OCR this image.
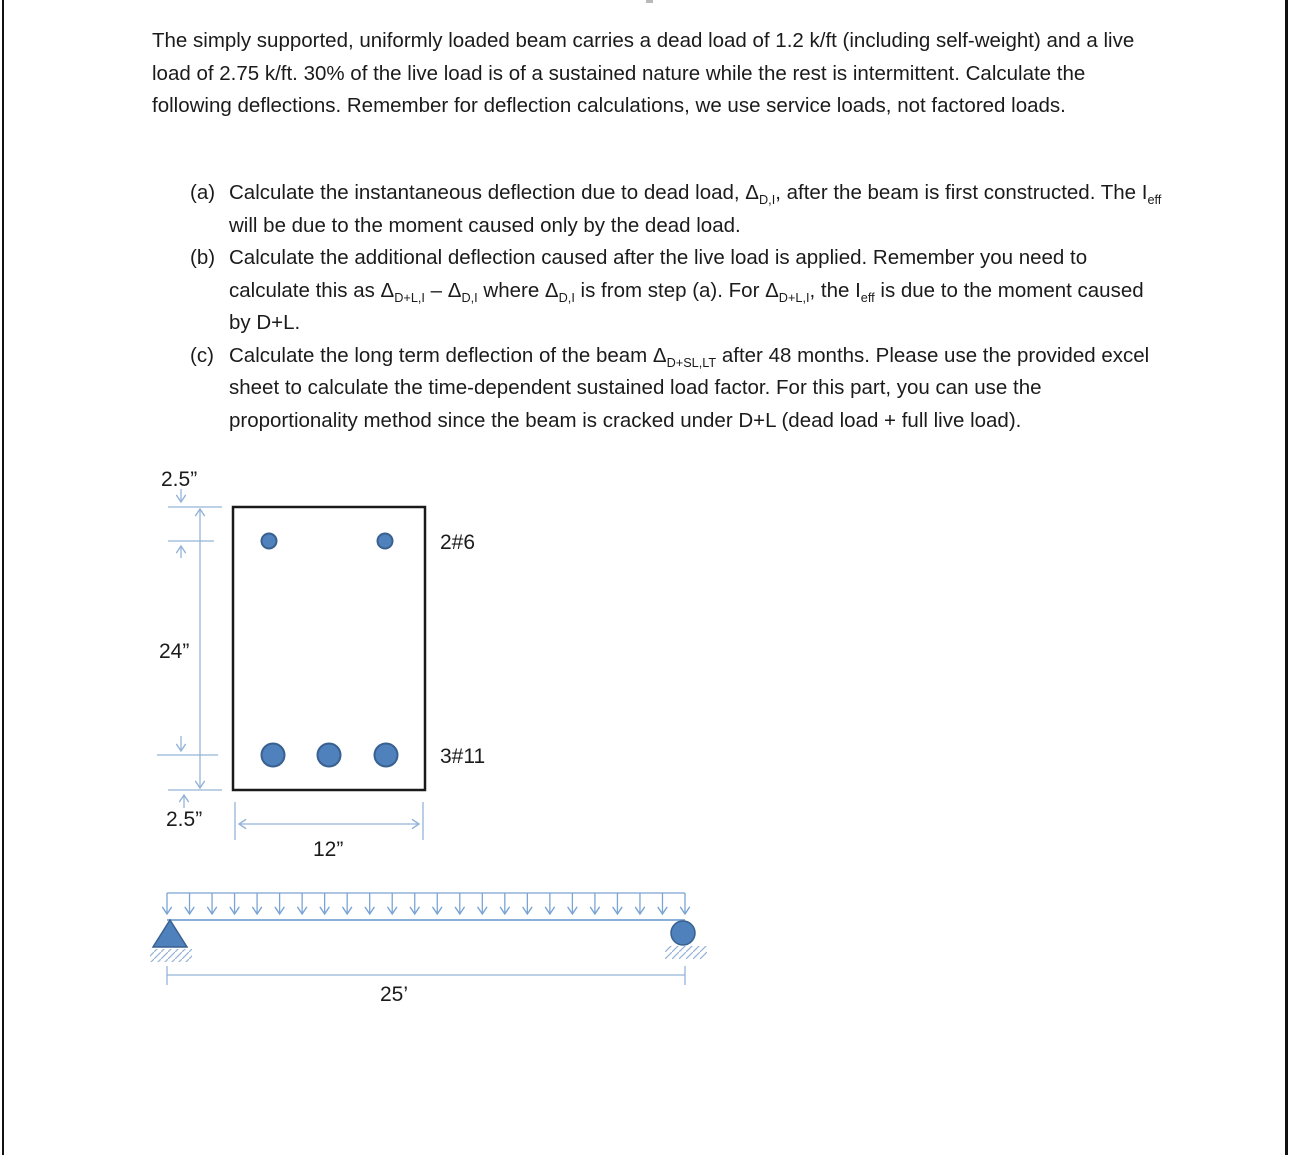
The simply supported, uniformly loaded beam carries a dead load of 1.2 k/ft (including self-weight) and a live load of 2.75 k/ft. 30% of the live load is of a sustained nature while the rest is intermittent. Calculate the following deflections. Remember for deflection calculations, we use service loads, not factored loads.

(a) Calculate the instantaneous deflection due to dead load, $\Delta_{D,I}$, after the beam is first constructed. The $I_{eff}$ will be due to the moment caused only by the dead load.
(b) Calculate the additional deflection caused after the live load is applied. Remember you need to calculate this as $\Delta_{D+L,I} - \Delta_{D,I}$ where $\Delta_{D,I}$ is from step (a). For $\Delta_{D+L,I}$, the $I_{eff}$ is due to the moment caused by D+L.
(c) Calculate the long term deflection of the beam $\Delta_{D+SL,LT}$ after 48 months. Please use the provided excel sheet to calculate the time-dependent sustained load factor. For this part, you can use the proportionality method since the beam is cracked under D+L (dead load + full live load).
2.5”
24”
2.5”
12”
2#6
3#11
25’
